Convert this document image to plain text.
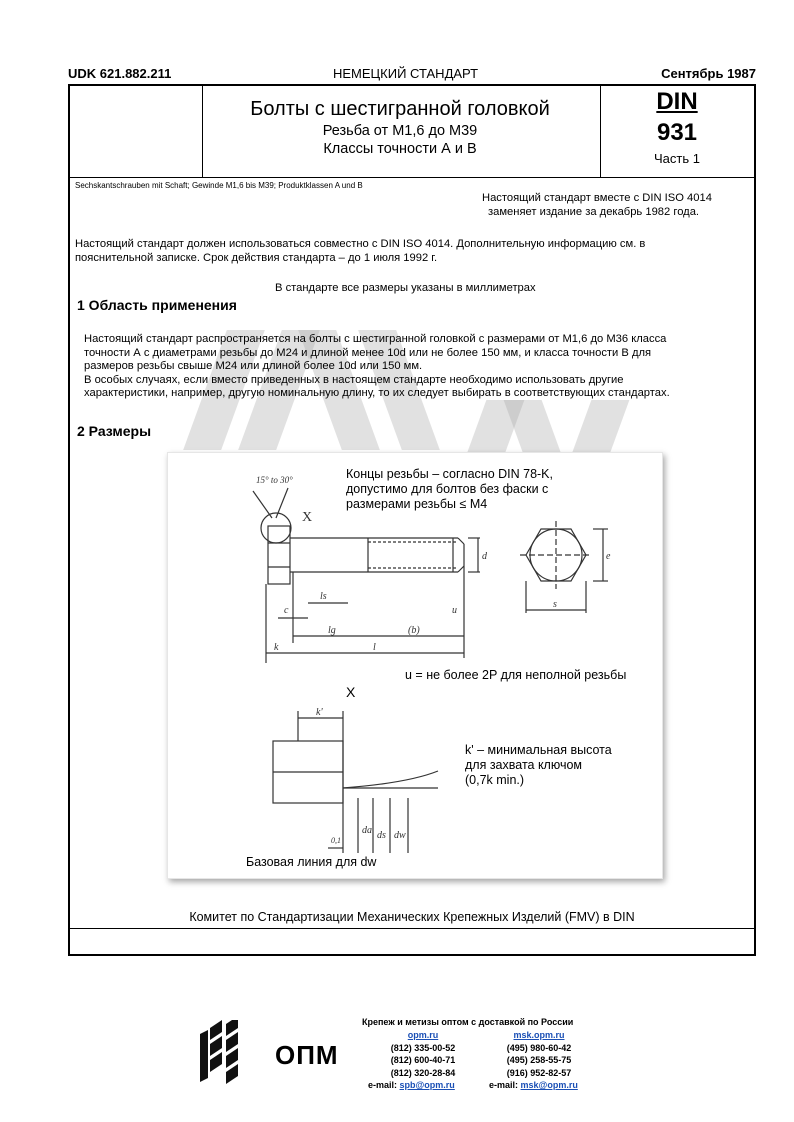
UDK 621.882.211	НЕМЕЦКИЙ СТАНДАРТ	Сентябрь 1987
Болты с шестигранной головкой
Резьба от М1,6 до М39
Классы точности А и В
DIN
931
Часть 1
Sechskantschrauben mit Schaft; Gewinde M1,6 bis M39; Produktklassen A und B
Настоящий стандарт вместе с DIN ISO 4014
заменяет издание за декабрь 1982 года.
Настоящий стандарт должен использоваться совместно с DIN ISO 4014. Дополнительную информацию см. в
пояснительной записке. Срок действия стандарта – до 1 июля 1992 г.
В стандарте все размеры указаны в миллиметрах
1 Область применения
Настоящий стандарт распространяется на болты с шестигранной головкой с размерами от М1,6 до М36 класса
точности А с диаметрами резьбы до М24 и длиной менее 10d или не более 150 мм, и класса точности В для
размеров резьбы свыше М24 или длиной более 10d или 150 мм.
В особых случаях, если вместо приведенных в настоящем стандарте необходимо использовать другие
характеристики, например, другую номинальную длину, то их следует выбирать в соответствующих стандартах.
2 Размеры
15° to 30°
X
c
ls
lg	(b)
u
k	l
d	e
s
k'
da ds dw
0,1
Концы резьбы – согласно DIN 78-K,
допустимо для болтов без фаски с
размерами резьбы ≤ M4
u = не более 2P для неполной резьбы
X
k' – минимальная высота
для захвата ключом
(0,7k min.)
Базовая линия для dw
Комитет по Стандартизации Механических Крепежных Изделий (FMV) в DIN
ОПМ
Крепеж и метизы оптом с доставкой по России
opm.ru
(812) 335-00-52
(812) 600-40-71
(812) 320-28-84
e-mail: spb@opm.ru
msk.opm.ru
(495) 980-60-42
(495) 258-55-75
(916) 952-82-57
e-mail: msk@opm.ru
